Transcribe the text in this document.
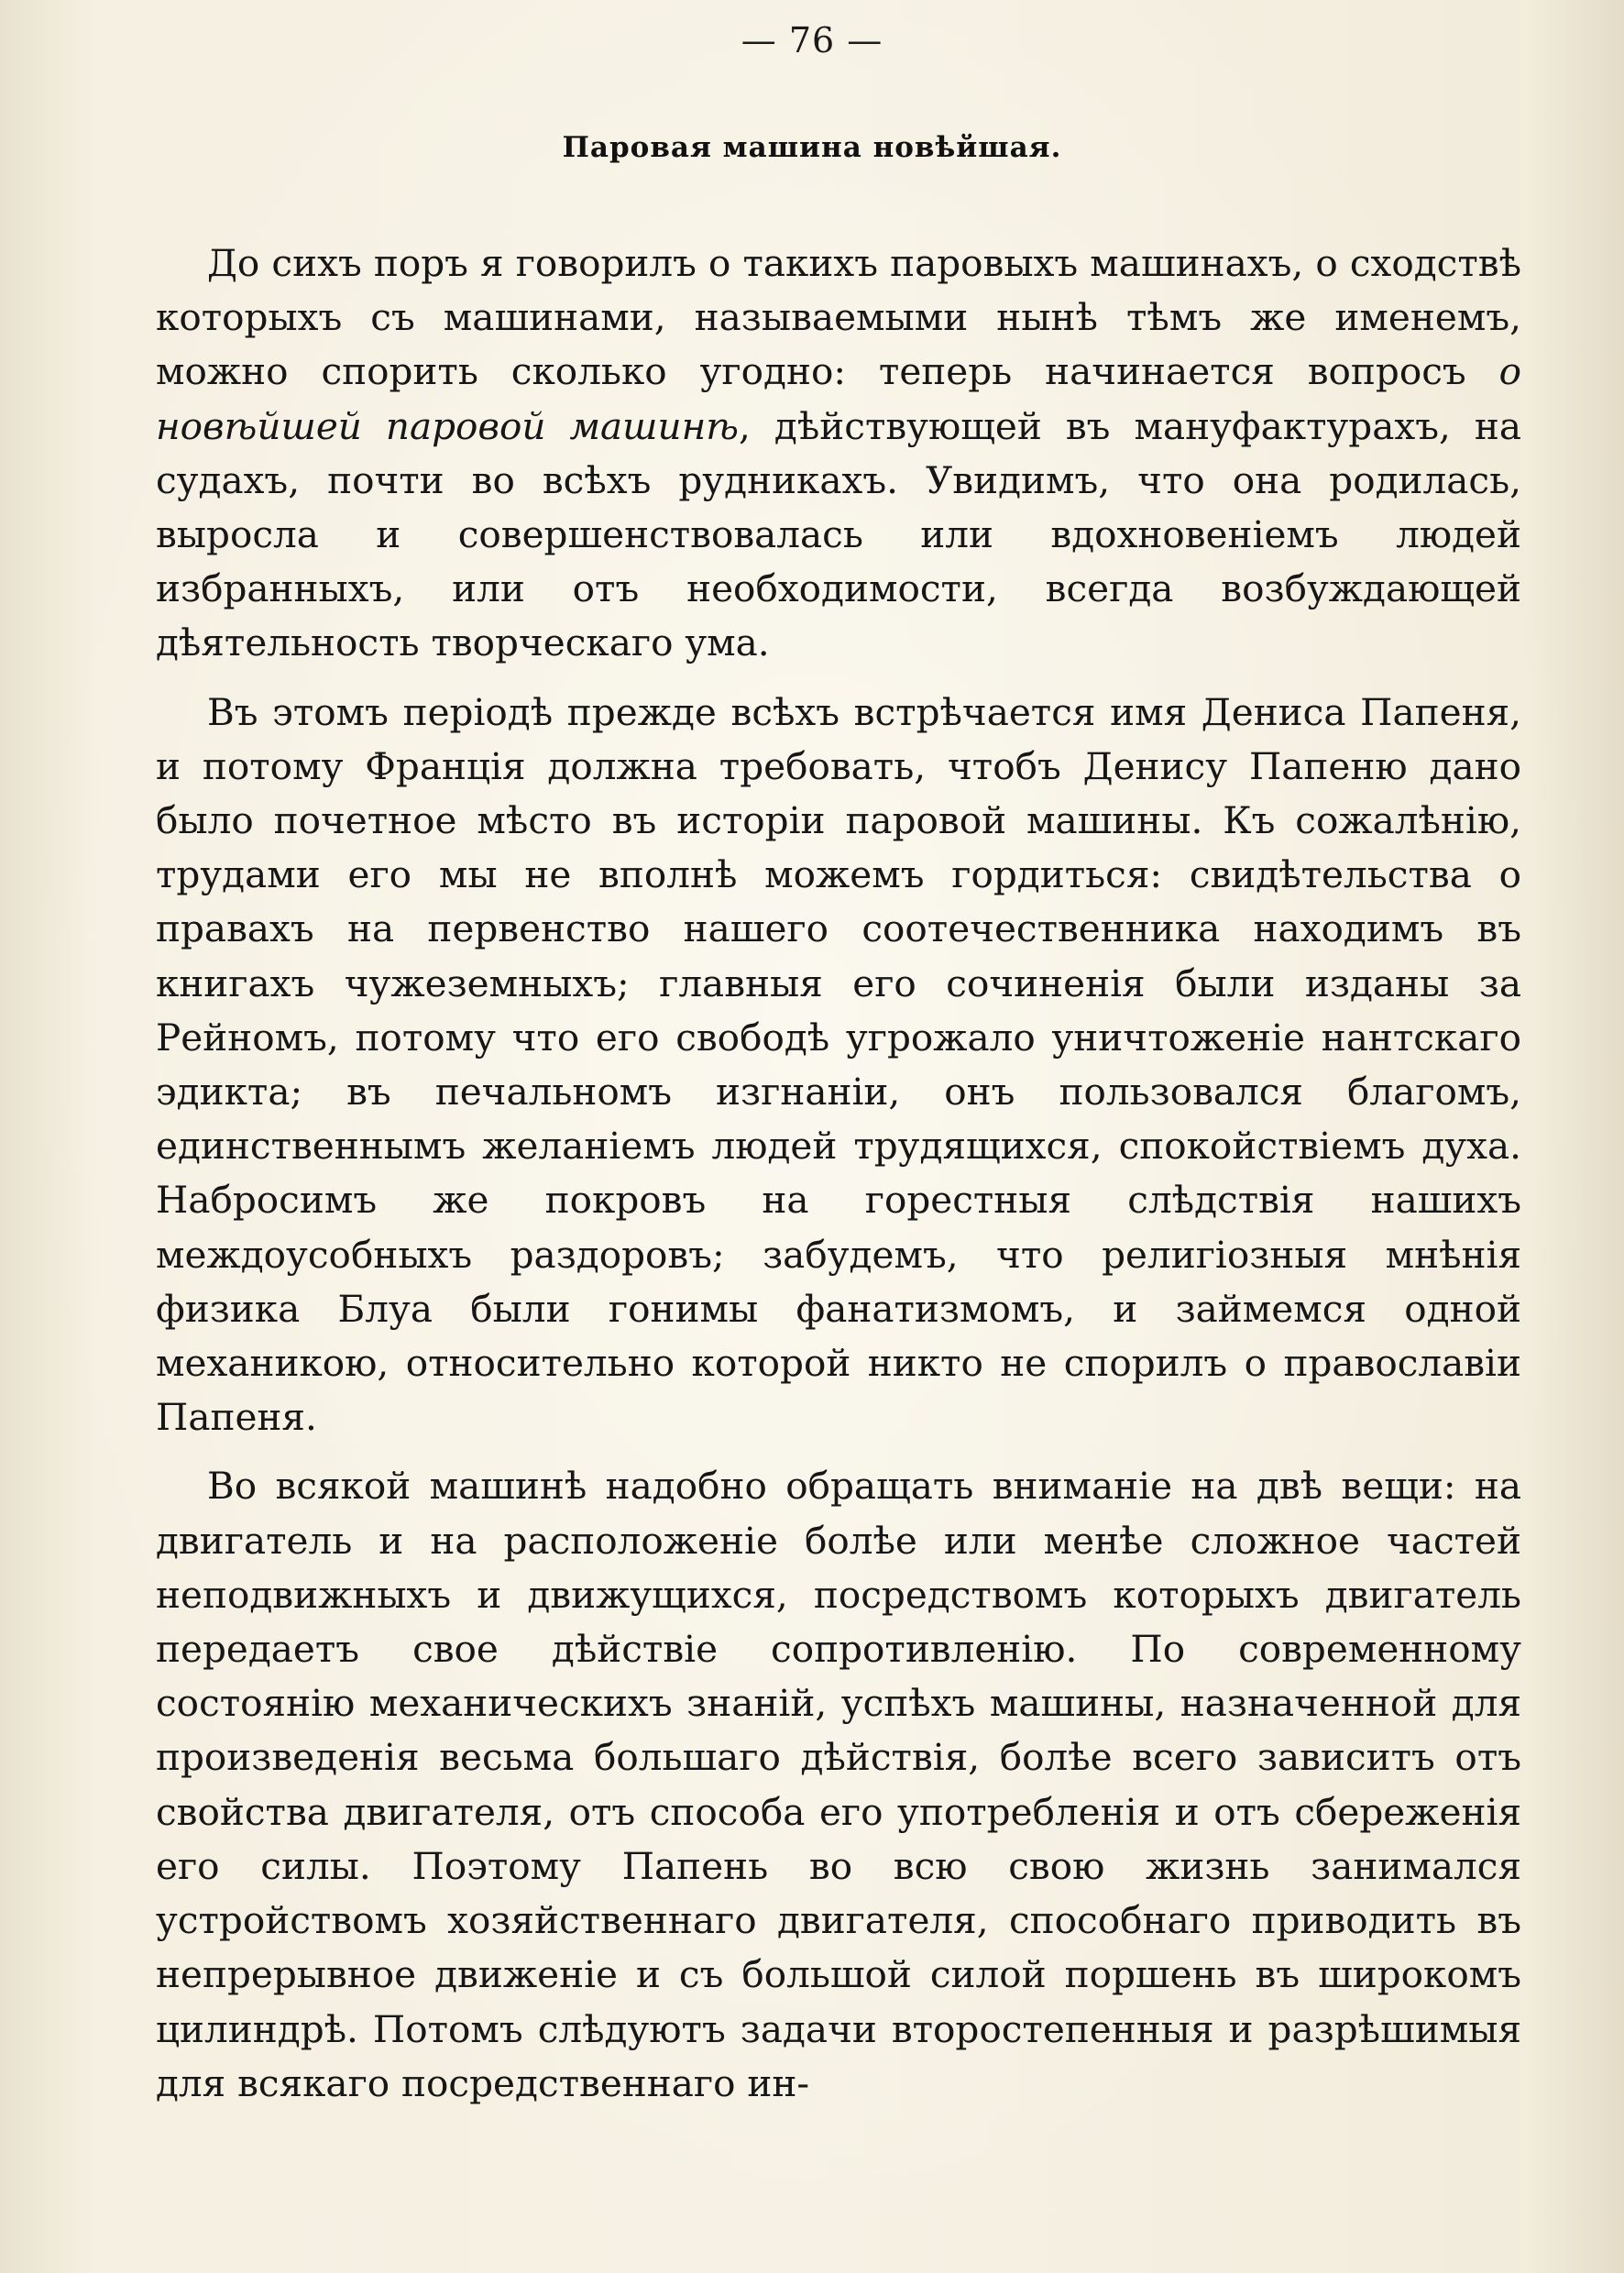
— 76 —
Паровая машина новѣйшая.

До сихъ поръ я говорилъ о такихъ паровыхъ машинахъ, о сходствѣ которыхъ съ машинами, называемыми нынѣ тѣмъ же именемъ, можно спорить сколько угодно: теперь начинается вопросъ о новѣйшей паровой машинѣ, дѣйствующей въ мануфактурахъ, на судахъ, почти во всѣхъ рудникахъ. Увидимъ, что она родилась, выросла и совершенствовалась или вдохновенiемъ людей избранныхъ, или отъ необходимости, всегда возбуждающей дѣятельность творческаго ума.

Въ этомъ перiодѣ прежде всѣхъ встрѣчается имя Дениса Папеня, и потому Францiя должна требовать, чтобъ Денису Папеню дано было почетное мѣсто въ исторiи паровой машины. Къ сожалѣнiю, трудами его мы не вполнѣ можемъ гордиться: свидѣтельства о правахъ на первенство нашего соотечественника находимъ въ книгахъ чужеземныхъ; главныя его сочиненiя были изданы за Рейномъ, потому что его свободѣ угрожало уничтоженiе нантскаго эдикта; въ печальномъ изгнанiи, онъ пользовался благомъ, единственнымъ желанiемъ людей трудящихся, спокойствiемъ духа. Набросимъ же покровъ на горестныя слѣдствiя нашихъ междоусобныхъ раздоровъ; забудемъ, что религiозныя мнѣнiя физика Блуа были гонимы фанатизмомъ, и займемся одной механикою, относительно которой никто не спорилъ о православiи Папеня.

Во всякой машинѣ надобно обращать вниманiе на двѣ вещи: на двигатель и на расположенiе болѣе или менѣе сложное частей неподвижныхъ и движущихся, посредствомъ которыхъ двигатель передаетъ свое дѣйствiе сопротивленiю. По современному состоянiю механическихъ знанiй, успѣхъ машины, назначенной для произведенiя весьма большаго дѣйствiя, болѣе всего зависитъ отъ свойства двигателя, отъ способа его употребленiя и отъ сбереженiя его силы. Поэтому Папень во всю свою жизнь занимался устройствомъ хозяйственнаго двигателя, способнаго приводить въ непрерывное движенiе и съ большой силой поршень въ широкомъ цилиндрѣ. Потомъ слѣдуютъ задачи второстепенныя и разрѣшимыя для всякаго посредственнаго ин-
